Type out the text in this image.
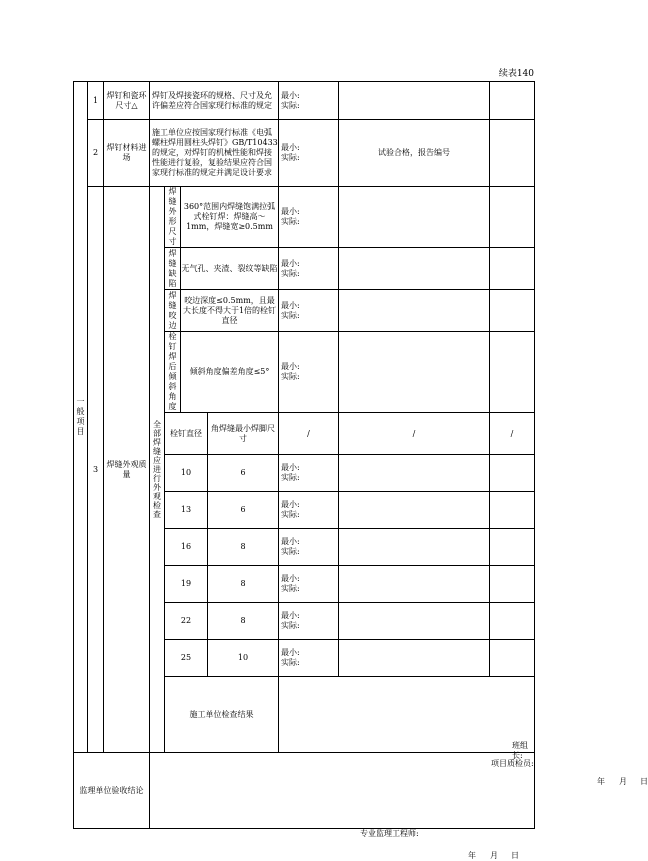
续表140
一般项目	1	焊钉和瓷环尺寸△	焊钉及焊接瓷环的规格、尺寸及允许偏差应符合国家现行标准的规定				最小:
实际:		

	2	焊钉材料进场	施工单位应按国家现行标准《电弧螺柱焊用圆柱头焊钉》GB/T10433的规定，对焊钉的机械性能和焊接性能进行复验，复验结果应符合国家现行标准的规定并满足设计要求				最小:
实际:	试验合格，报告编号	
	3	焊缝外观质量	全部焊缝应进行外观检查	焊缝外形尺寸	360°范围内焊缝饱满拉弧式栓钉焊：焊缝高〜1mm，焊缝宽≥0.5mm		最小:
实际:		

				焊缝缺陷	无气孔、夹渣、裂纹等缺陷		最小:
实际:		

				焊缝咬边	咬边深度≤0.5mm，且最大长度不得大于1倍的栓钉直径		最小:
实际:		

				栓钉焊后倾斜角度	倾斜角度偏差角度≤5°		最小:
实际:		

				栓钉直径		角焊缝最小焊脚尺寸	/	/	/
				10		6	最小:
实际:		

				13		6	最小:
实际:		

				16		8	最小:
实际:		

				19		8	最小:
实际:		

				22		8	最小:
实际:		

				25		10	最小:
实际:		

				施工单位检查结果			班组长:
项目质检员:
年 月 日		

监理单位验收结论			专业监理工程师:
年 月 日						
